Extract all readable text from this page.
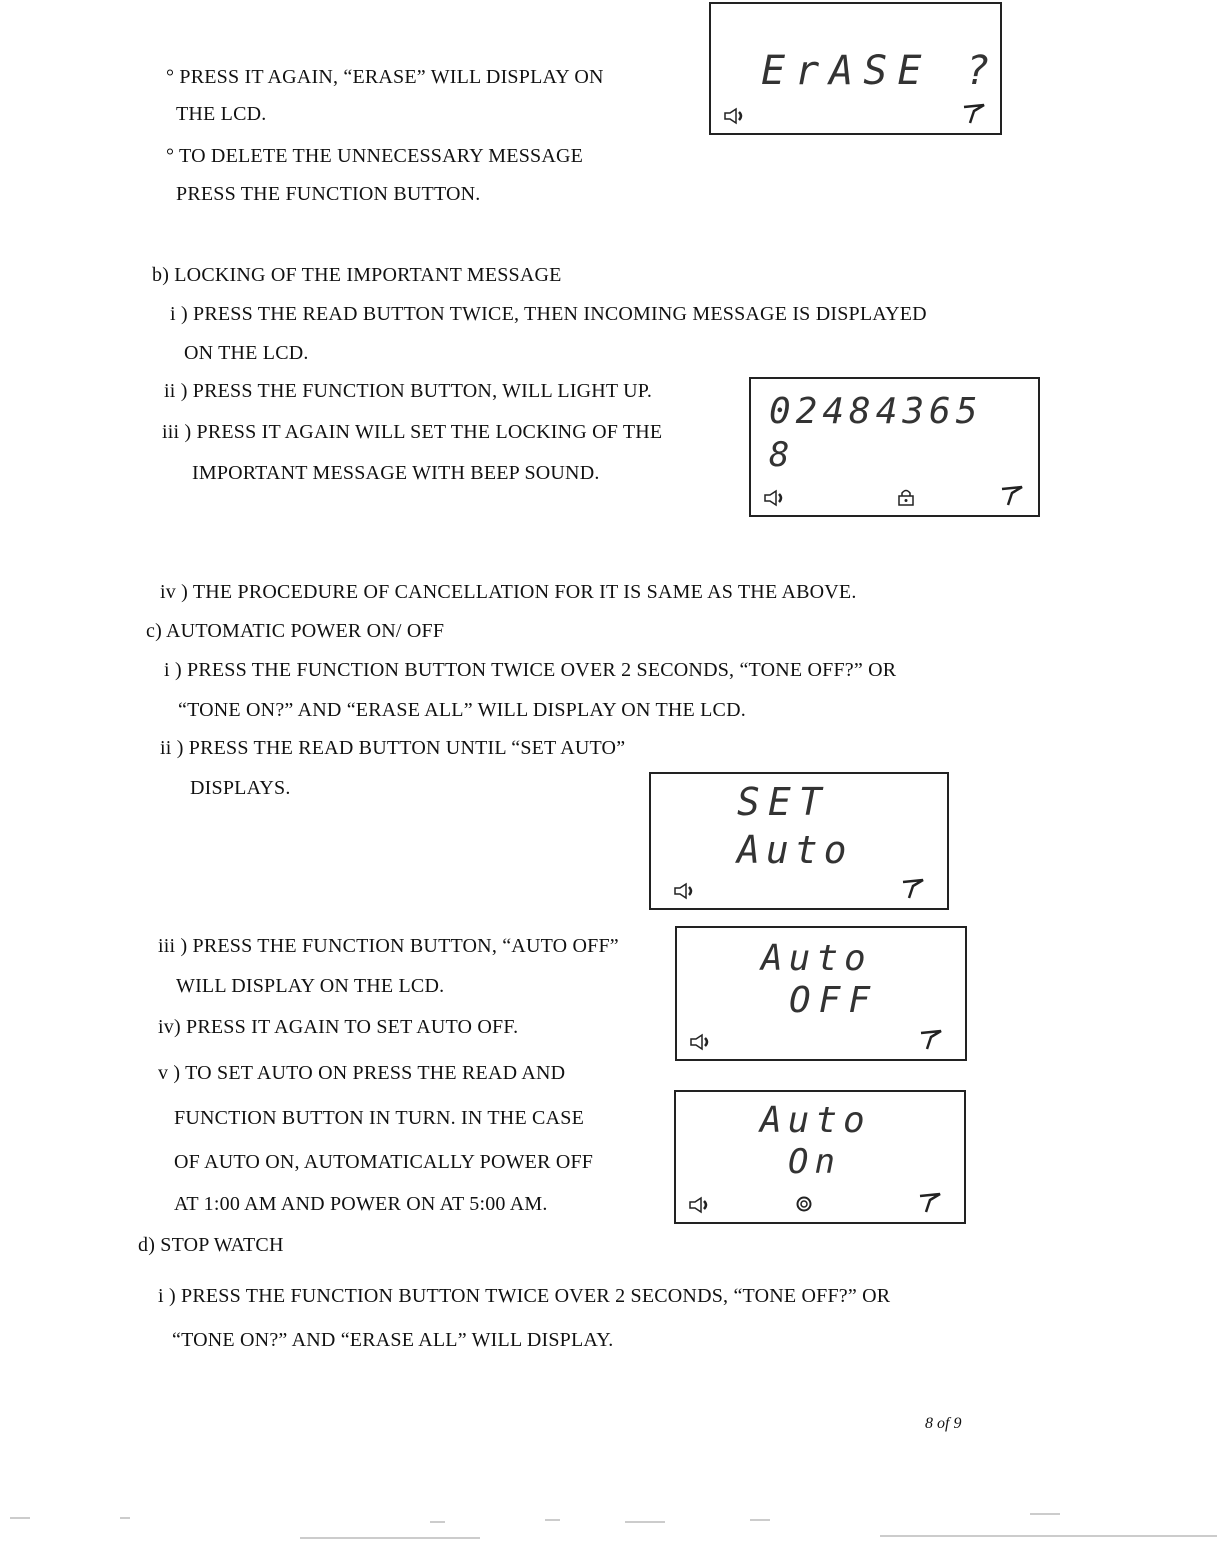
° PRESS IT AGAIN, “ERASE” WILL DISPLAY ON
THE LCD.
° TO DELETE THE UNNECESSARY MESSAGE
PRESS THE FUNCTION BUTTON.
b) LOCKING OF THE IMPORTANT MESSAGE
i ) PRESS THE READ BUTTON TWICE, THEN INCOMING MESSAGE IS DISPLAYED
ON THE LCD.
ii ) PRESS THE FUNCTION BUTTON, WILL LIGHT UP.
iii ) PRESS IT AGAIN WILL SET THE LOCKING OF THE
IMPORTANT MESSAGE WITH BEEP SOUND.
iv ) THE PROCEDURE OF CANCELLATION FOR IT IS SAME AS THE ABOVE.
c) AUTOMATIC POWER ON/ OFF
i ) PRESS THE FUNCTION BUTTON TWICE OVER 2 SECONDS, “TONE OFF?” OR
“TONE ON?” AND “ERASE ALL” WILL DISPLAY ON THE LCD.
ii ) PRESS THE READ BUTTON UNTIL “SET AUTO”
DISPLAYS.
iii ) PRESS THE FUNCTION BUTTON, “AUTO OFF”
WILL DISPLAY ON THE LCD.
iv) PRESS IT AGAIN TO SET AUTO OFF.
v ) TO SET AUTO ON PRESS THE READ AND
FUNCTION BUTTON IN TURN. IN THE CASE
OF AUTO ON, AUTOMATICALLY POWER OFF
AT 1:00 AM AND POWER ON AT 5:00 AM.
d) STOP WATCH
i ) PRESS THE FUNCTION BUTTON TWICE OVER 2 SECONDS, “TONE OFF?” OR
“TONE ON?” AND “ERASE ALL” WILL DISPLAY.
ErASE ?
02484365
8
SET
Auto
Auto
OFF
Auto
On
8 of 9
